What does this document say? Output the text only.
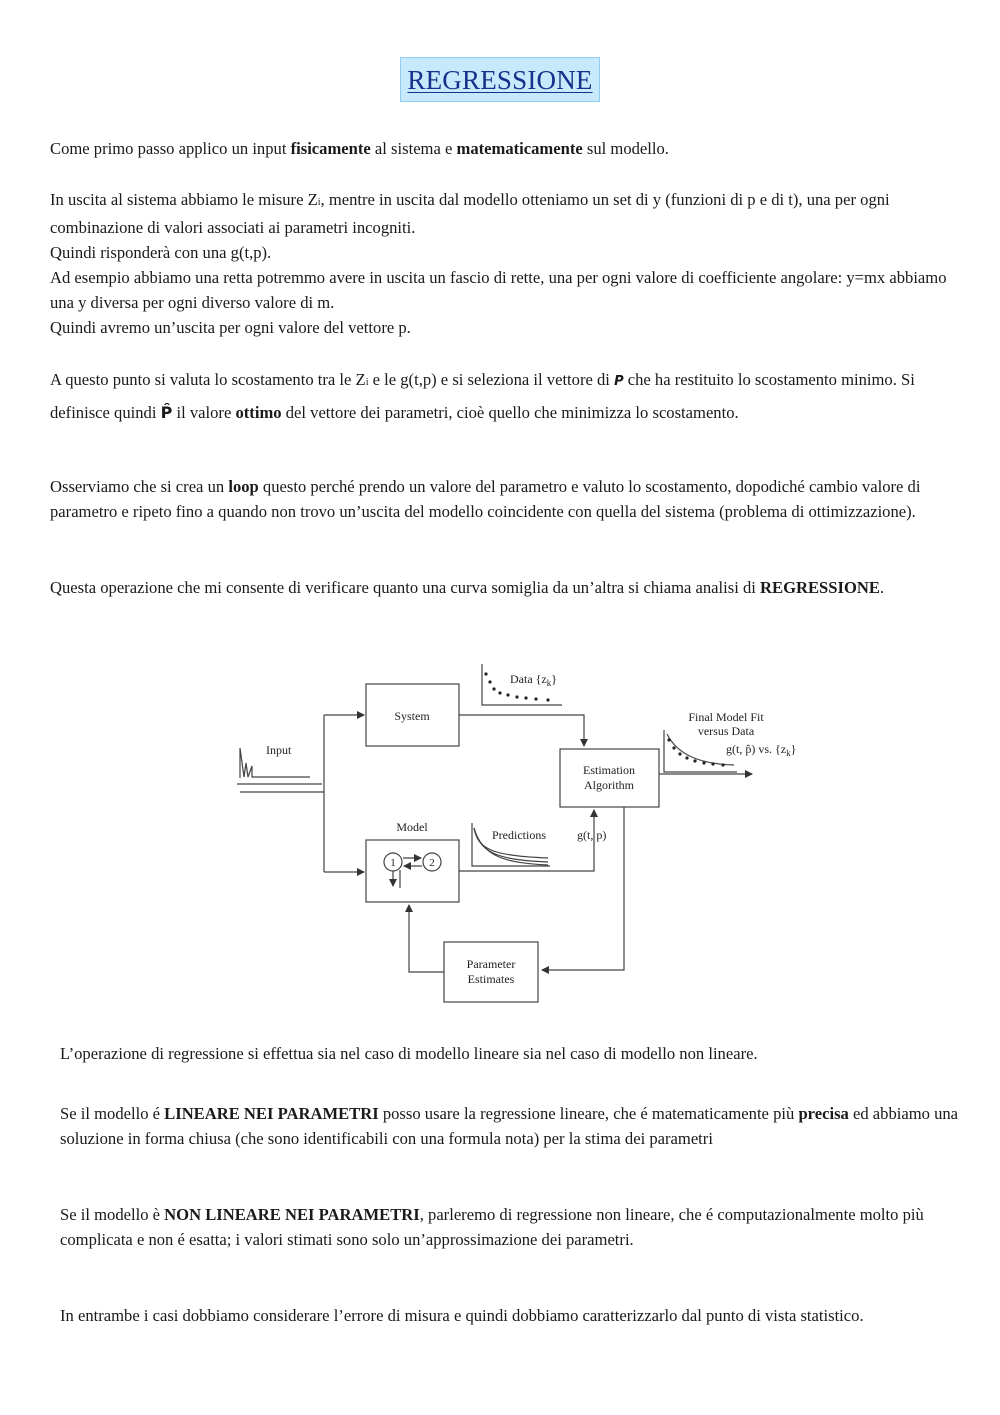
REGRESSIONE

Come primo passo applico un input fisicamente al sistema e matematicamente sul modello.

In uscita al sistema abbiamo le misure Zi, mentre in uscita dal modello otteniamo un set di y (funzioni di p e di t), una per ogni combinazione di valori associati ai parametri incogniti.
Quindi risponderà con una g(t,p).
Ad esempio abbiamo una retta potremmo avere in uscita un fascio di rette, una per ogni valore di coefficiente angolare: y=mx abbiamo una y diversa per ogni diverso valore di m.
Quindi avremo un’uscita per ogni valore del vettore p.

A questo punto si valuta lo scostamento tra le Zi e le g(t,p) e si seleziona il vettore di P che ha restituito lo scostamento minimo. Si definisce quindi P̂ il valore ottimo del vettore dei parametri, cioè quello che minimizza lo scostamento.

Osserviamo che si crea un loop questo perché prendo un valore del parametro e valuto lo scostamento, dopodiché cambio valore di parametro e ripeto fino a quando non trovo un’uscita del modello coincidente con quella del sistema (problema di ottimizzazione).

Questa operazione che mi consente di verificare quanto una curva somiglia da un’altra si chiama analisi di REGRESSIONE.

Input
System
Data $\{z_k\}$
Estimation
Algorithm
Final Model Fit
versus Data
g(t, p̂) vs. $\{z_k\}$
Model
1	2
Predictions	g(t, p)
Parameter
Estimates

L’operazione di regressione si effettua sia nel caso di modello lineare sia nel caso di modello non lineare.

Se il modello é LINEARE NEI PARAMETRI posso usare la regressione lineare, che é matematicamente più precisa ed abbiamo una soluzione in forma chiusa (che sono identificabili con una formula nota) per la stima dei parametri

Se il modello è NON LINEARE NEI PARAMETRI, parleremo di regressione non lineare, che é computazionalmente molto più complicata e non é esatta; i valori stimati sono solo un’approssimazione dei parametri.

In entrambe i casi dobbiamo considerare l’errore di misura e quindi dobbiamo caratterizzarlo dal punto di vista statistico.
